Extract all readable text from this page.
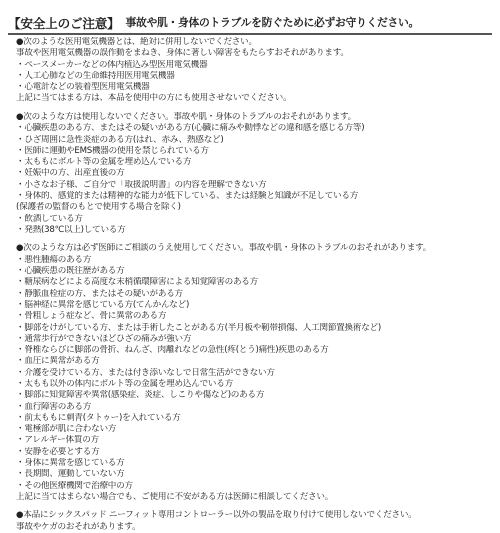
【安全上のご注意】 事故や肌・身体のトラブルを防ぐために必ずお守りください。
●次のような医用電気機器とは、絶対に併用しないでください。
事故や医用電気機器の誤作動をまねき、身体に著しい障害をもたらすおそれがあります。
・ペースメーカーなどの体内植込み型医用電気機器
・人工心肺などの生命維持用医用電気機器
・心電計などの装着型医用電気機器
上記に当てはまる方は、本品を使用中の方にも使用させないでください。
●次のような方は使用しないでください。事故や肌・身体のトラブルのおそれがあります。
・心臓疾患のある方、またはその疑いがある方(心臓に痛みや動悸などの違和感を感じる方等)
・ひざ周囲に急性炎症のある方(はれ、赤み、熱感など)
・医師に運動やEMS機器の使用を禁じられている方
・太ももにボルト等の金属を埋め込んでいる方
・妊娠中の方、出産直後の方
・小さなお子様、ご自分で「取扱説明書」の内容を理解できない方
・身体的、感覚的または精神的な能力が低下している、または経験と知識が不足している方
(保護者の監督のもとで使用する場合を除く)
・飲酒している方
・発熱(38℃以上)している方
●次のような方は必ず医師にご相談のうえ使用してください。事故や肌・身体のトラブルのおそれがあります。
・悪性腫瘍のある方
・心臓疾患の既往歴がある方
・糖尿病などによる高度な末梢循環障害による知覚障害のある方
・静脈血栓症の方、またはその疑いがある方
・脳神経に異常を感じている方(てんかんなど)
・骨粗しょう症など、骨に異常のある方
・脚部をけがしている方、または手術したことがある方(半月板や靭帯損傷、人工関節置換術など)
・通常歩行ができないほどひざの痛みが強い方
・脊椎ならびに脚部の骨折、ねんざ、肉離れなどの急性(疼(とう)痛性)疾患のある方
・血圧に異常がある方
・介護を受けている方、または付き添いなしで日常生活ができない方
・太もも以外の体内にボルト等の金属を埋め込んでいる方
・脚部に知覚障害や異常(感染症、炎症、しこりや傷など)のある方
・血行障害のある方
・前太ももに刺青(タトゥー)を入れている方
・電極部が肌に合わない方
・アレルギー体質の方
・安静を必要とする方
・身体に異常を感じている方
・長期間、運動していない方
・その他医療機関で治療中の方
上記に当てはまらない場合でも、ご使用に不安がある方は医師に相談してください。
●本品にシックスパッド ニーフィット専用コントローラー以外の製品を取り付けて使用しないでください。
事故やケガのおそれがあります。
